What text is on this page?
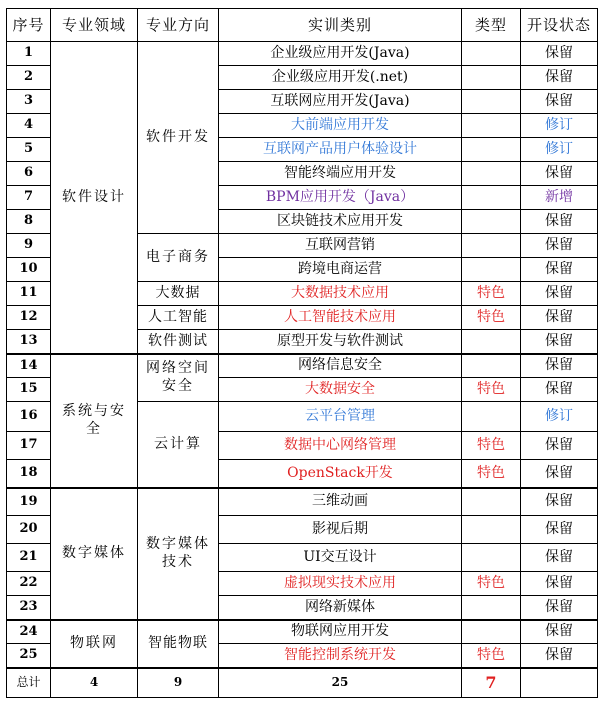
序号	专业领域	专业方向	实训类别	类型	开设状态
1	软件设计	软件开发	企业级应用开发(Java)		保留
2			企业级应用开发(.net)		保留
3			互联网应用开发(Java)		保留
4			大前端应用开发		修订
5			互联网产品用户体验设计		修订
6			智能终端应用开发		保留
7			BPM应用开发（Java）		新增
8			区块链技术应用开发		保留
9		电子商务	互联网营销		保留
10			跨境电商运营		保留
11		大数据	大数据技术应用	特色	保留
12		人工智能	人工智能技术应用	特色	保留
13		软件测试	原型开发与软件测试		保留
14	系统与安全	网络空间安全	网络信息安全		保留
15			大数据安全	特色	保留
16		云计算	云平台管理		修订
17			数据中心网络管理	特色	保留
18			OpenStack开发	特色	保留
19	数字媒体	数字媒体技术	三维动画		保留
20			影视后期		保留
21			UI交互设计		保留
22			虚拟现实技术应用	特色	保留
23			网络新媒体		保留
24	物联网	智能物联	物联网应用开发		保留
25			智能控制系统开发	特色	保留
总计	4	9	25	7	
